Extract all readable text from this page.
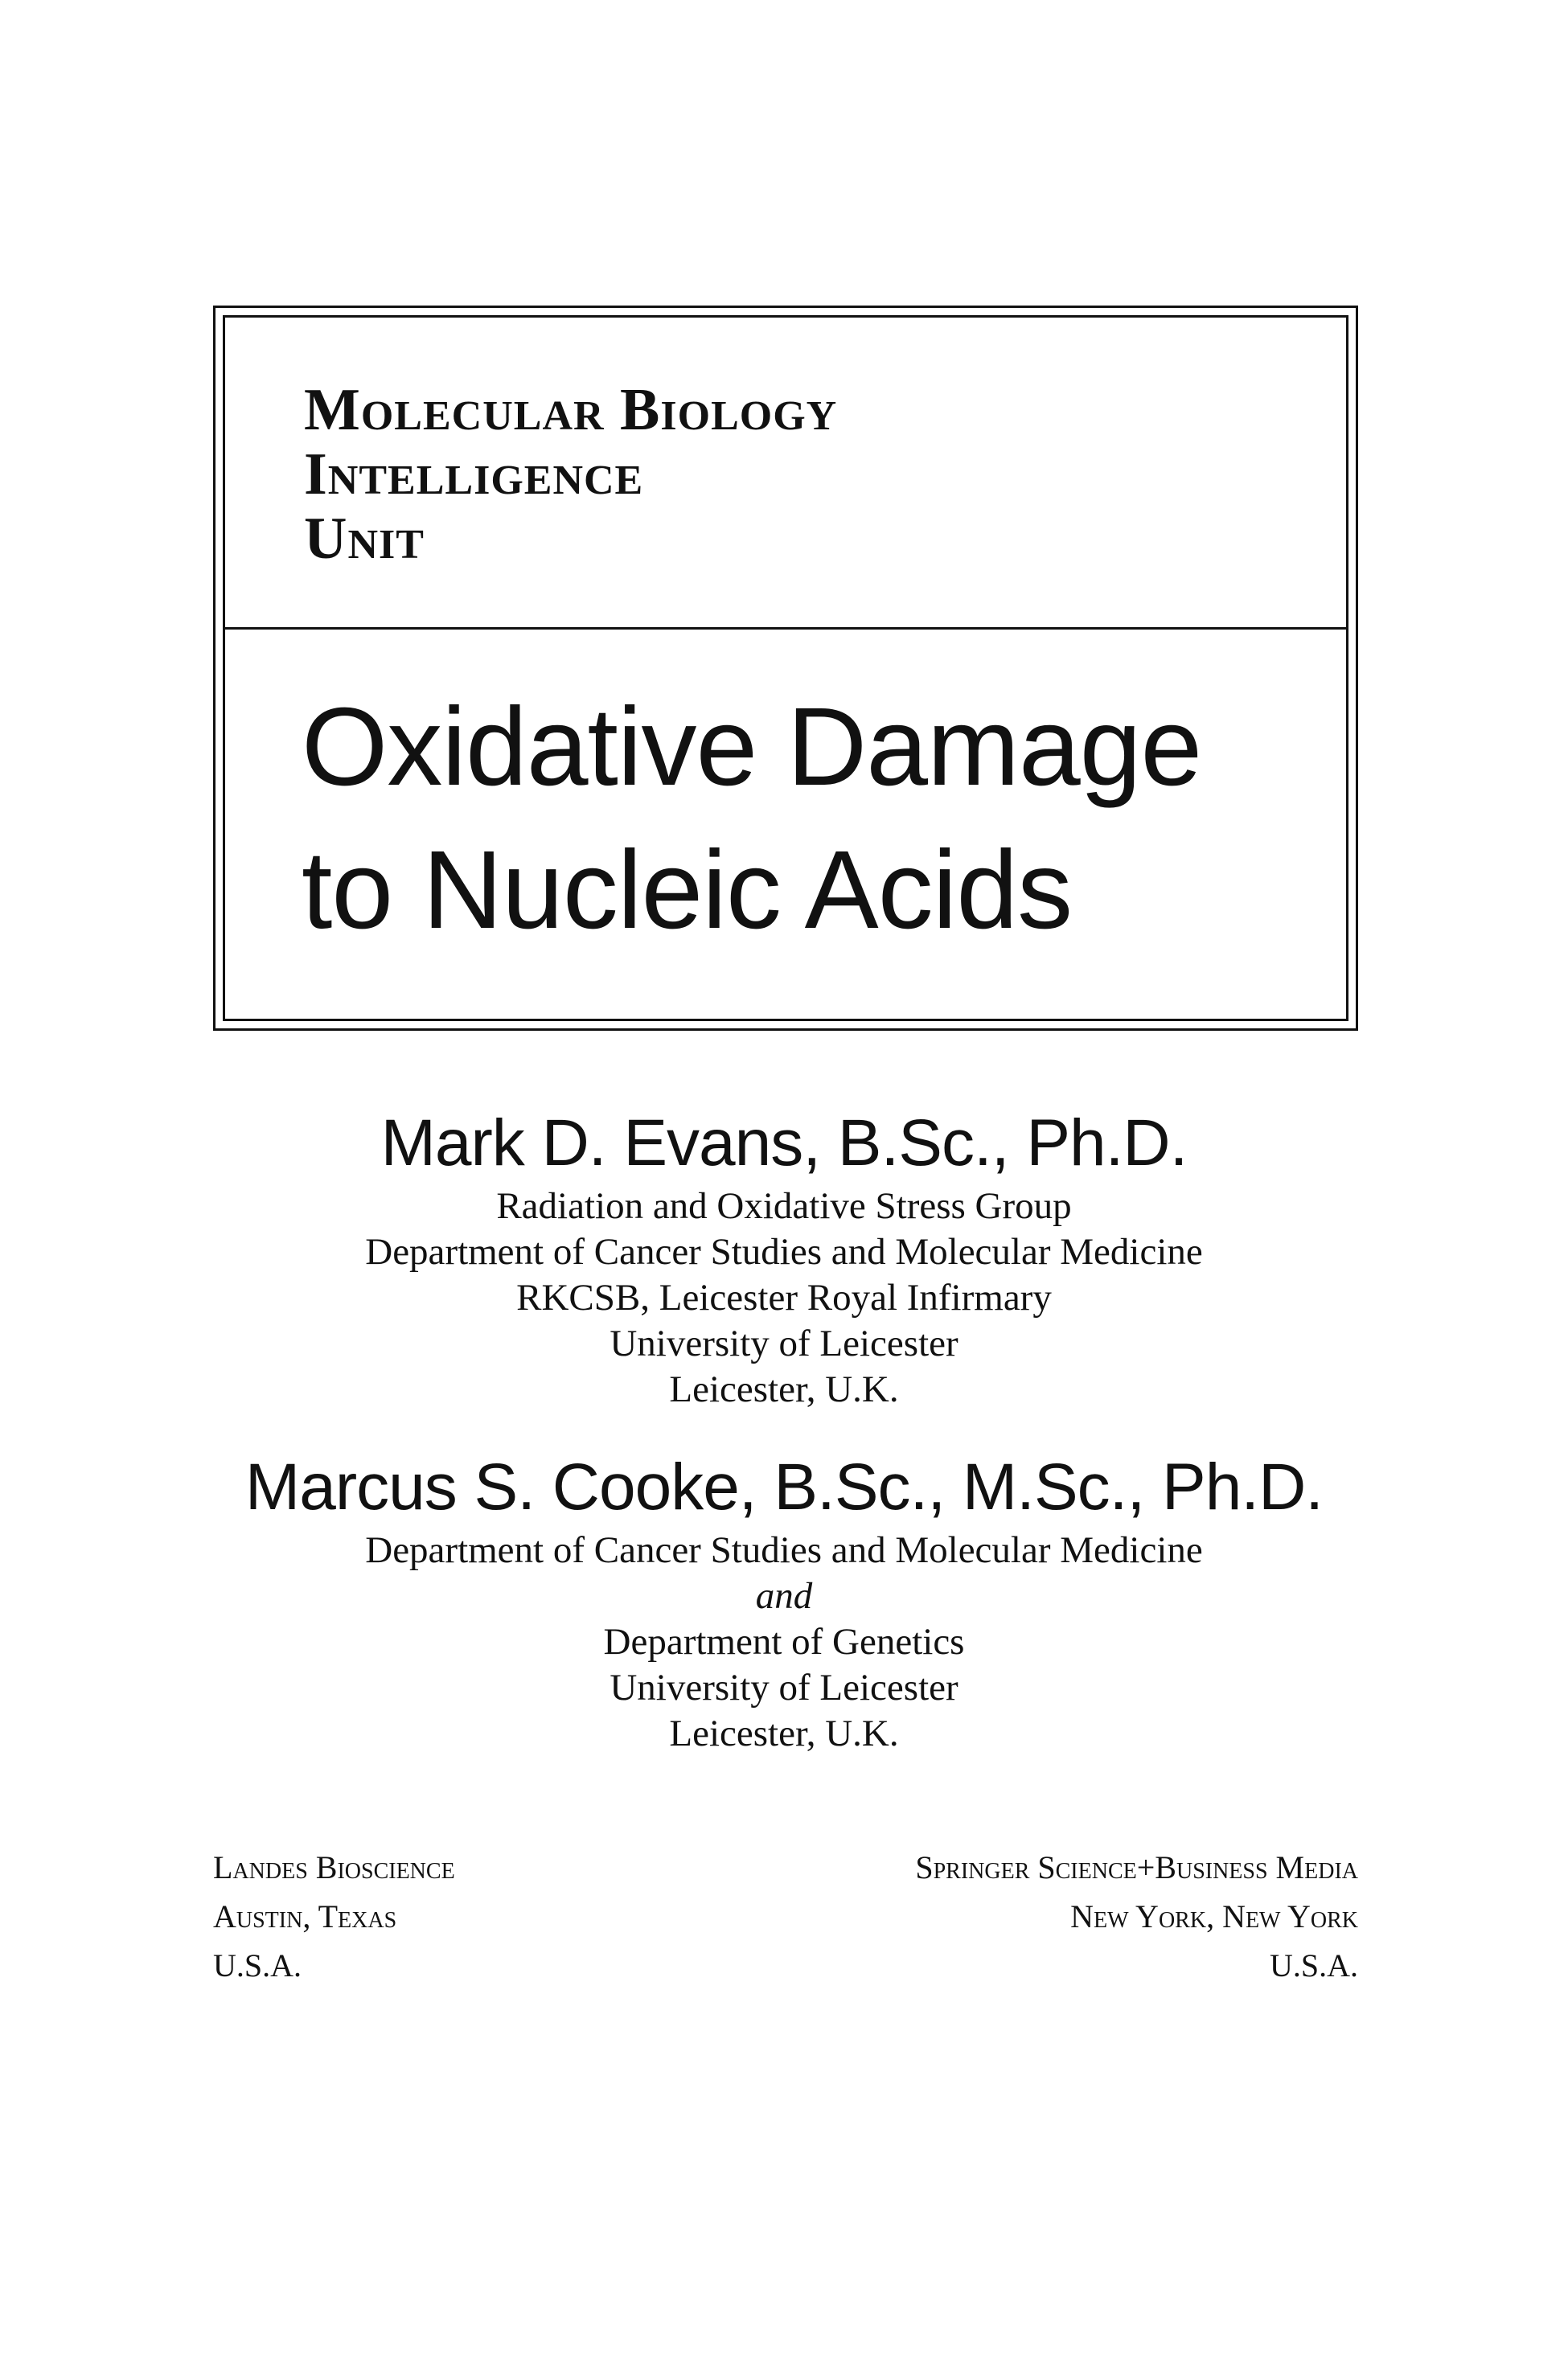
Molecular Biology
Intelligence
Unit
Oxidative Damage
to Nucleic Acids
Mark D. Evans, B.Sc., Ph.D.
Radiation and Oxidative Stress Group
Department of Cancer Studies and Molecular Medicine
RKCSB, Leicester Royal Infirmary
University of Leicester
Leicester, U.K.
Marcus S. Cooke, B.Sc., M.Sc., Ph.D.
Department of Cancer Studies and Molecular Medicine
and
Department of Genetics
University of Leicester
Leicester, U.K.
Landes Bioscience
Austin, Texas
U.S.A.
Springer Science+Business Media
New York, New York
U.S.A.
